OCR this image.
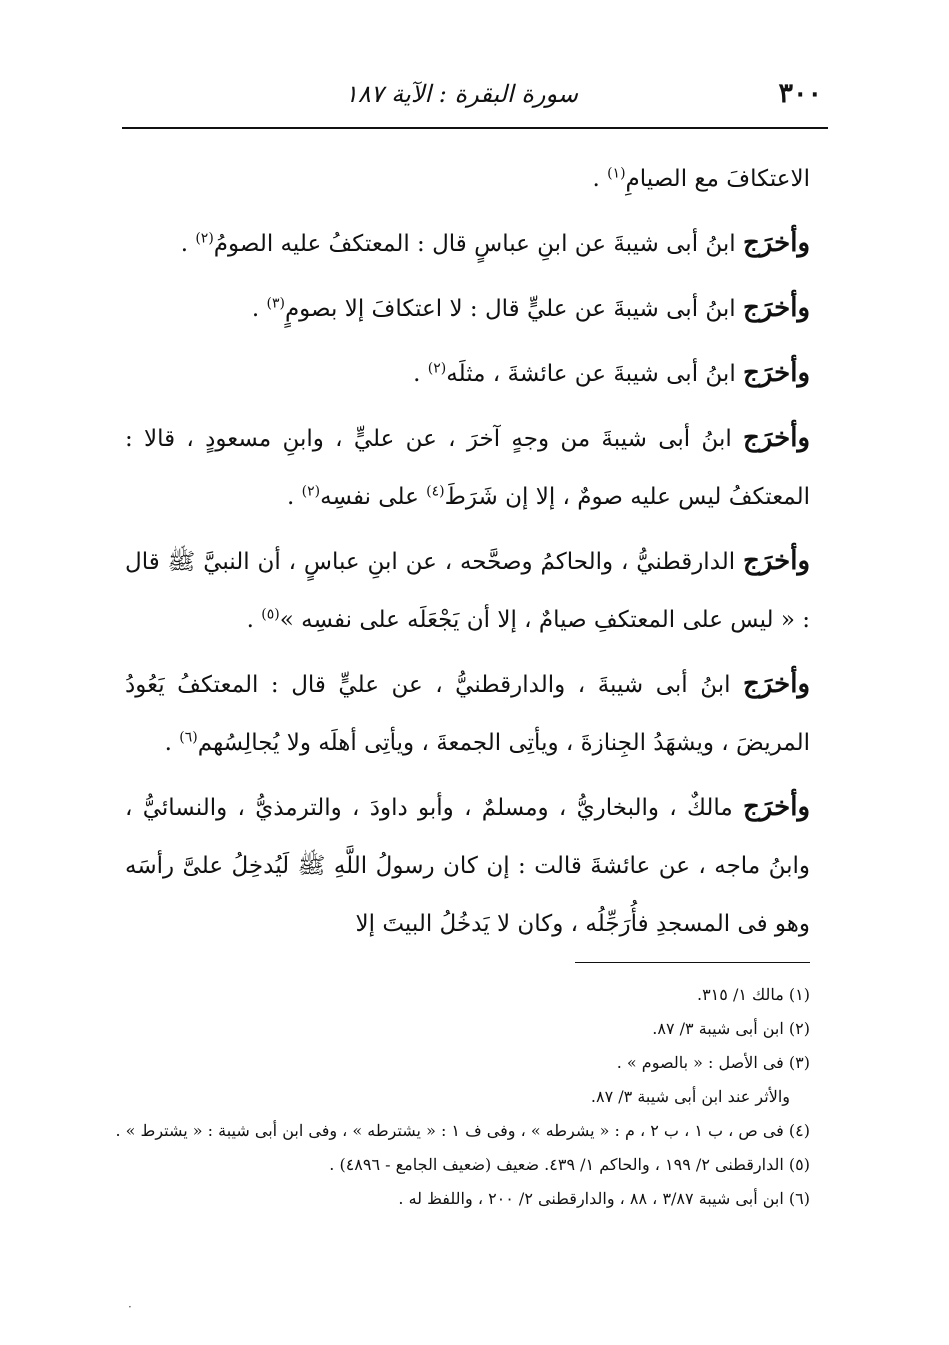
٣٠٠
سورة البقرة : الآية ١٨٧

الاعتكافَ مع الصيامِ$^{(١)}$ .

وأخرَج ابنُ أبى شيبةَ عن ابنِ عباسٍ قال : المعتكفُ عليه الصومُ$^{(٢)}$ .

وأخرَج ابنُ أبى شيبةَ عن عليٍّ قال : لا اعتكافَ إلا بصومٍ$^{(٣)}$ .

وأخرَج ابنُ أبى شيبةَ عن عائشةَ ، مثلَه$^{(٢)}$ .

وأخرَج ابنُ أبى شيبةَ من وجهٍ آخرَ ، عن عليٍّ ، وابنِ مسعودٍ ، قالا : المعتكفُ ليس عليه صومٌ ، إلا إن شَرَطَ$^{(٤)}$ على نفسِه$^{(٢)}$ .

وأخرَج الدارقطنيُّ ، والحاكمُ وصحَّحه ، عن ابنِ عباسٍ ، أن النبيَّ ﷺ قال : « ليس على المعتكفِ صيامٌ ، إلا أن يَجْعَلَه على نفسِه »$^{(٥)}$ .

وأخرَج ابنُ أبى شيبةَ ، والدارقطنيُّ ، عن عليٍّ قال : المعتكفُ يَعُودُ المريضَ ، ويشهَدُ الجِنازةَ ، ويأتِى الجمعةَ ، ويأتِى أهلَه ولا يُجالِسُهم$^{(٦)}$ .

وأخرَج مالكٌ ، والبخاريُّ ، ومسلمٌ ، وأبو داودَ ، والترمذيُّ ، والنسائيُّ ، وابنُ ماجه ، عن عائشةَ قالت : إن كان رسولُ اللَّهِ ﷺ لَيُدخِلُ علىَّ رأسَه وهو فى المسجدِ فأُرَجِّلُه ، وكان لا يَدخُلُ البيتَ إلا

(١) مالك ١/ ٣١٥.

(٢) ابن أبى شيبة ٣/ ٨٧.

(٣) فى الأصل : « بالصوم » .

والأثر عند ابن أبى شيبة ٣/ ٨٧.

(٤) فى ص ، ب ١ ، ب ٢ ، م : « يشرطه » ، وفى ف ١ : « يشترطه » ، وفى ابن أبى شيبة : « يشترط » .

(٥) الدارقطنى ٢/ ١٩٩ ، والحاكم ١/ ٤٣٩. ضعيف (ضعيف الجامع - ٤٨٩٦) .

(٦) ابن أبى شيبة ٣/٨٧ ، ٨٨ ، والدارقطنى ٢/ ٢٠٠ ، واللفظ له .

·
